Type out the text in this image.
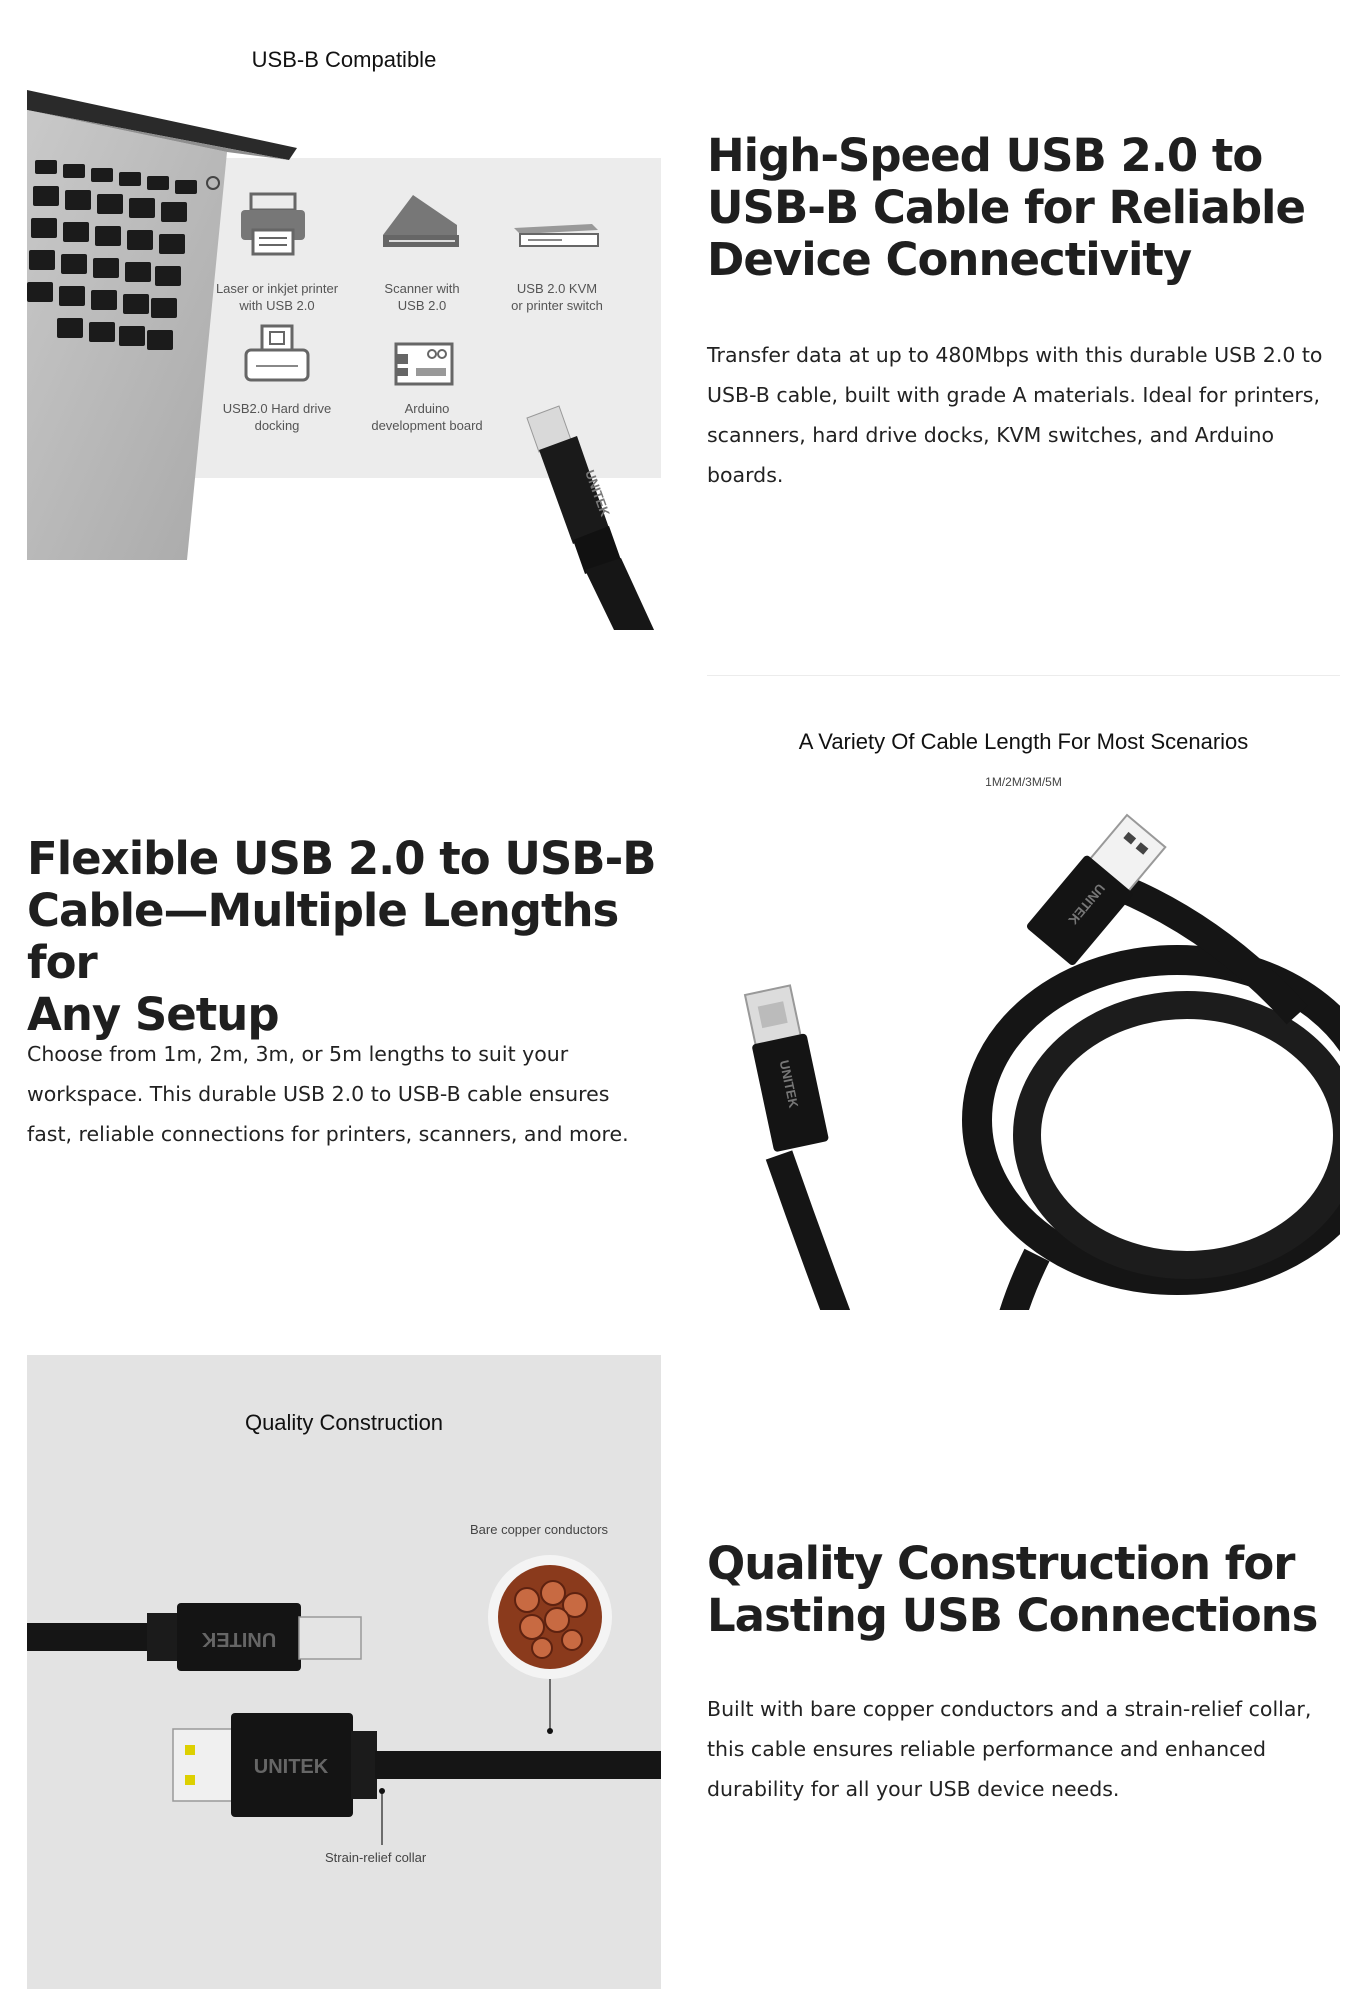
USB-B Compatible
Laser or inkjet printer
with USB 2.0
Scanner with
USB 2.0
USB 2.0 KVM
or printer switch
USB2.0 Hard drive
docking
Arduino
development board
UNITEK
High-Speed USB 2.0 to
USB-B Cable for Reliable
Device Connectivity
Transfer data at up to 480Mbps with this durable USB 2.0 to
USB-B cable, built with grade A materials. Ideal for printers,
scanners, hard drive docks, KVM switches, and Arduino
boards.
Flexible USB 2.0 to USB-B
Cable—Multiple Lengths for
Any Setup
Choose from 1m, 2m, 3m, or 5m lengths to suit your
workspace. This durable USB 2.0 to USB-B cable ensures
fast, reliable connections for printers, scanners, and more.
A Variety Of Cable Length For Most Scenarios
1M/2M/3M/5M
UNITEK
UNITEK
Quality Construction
Bare copper conductors
UNITEK
UNITEK
Strain-relief collar
Quality Construction for
Lasting USB Connections
Built with bare copper conductors and a strain-relief collar,
this cable ensures reliable performance and enhanced
durability for all your USB device needs.
